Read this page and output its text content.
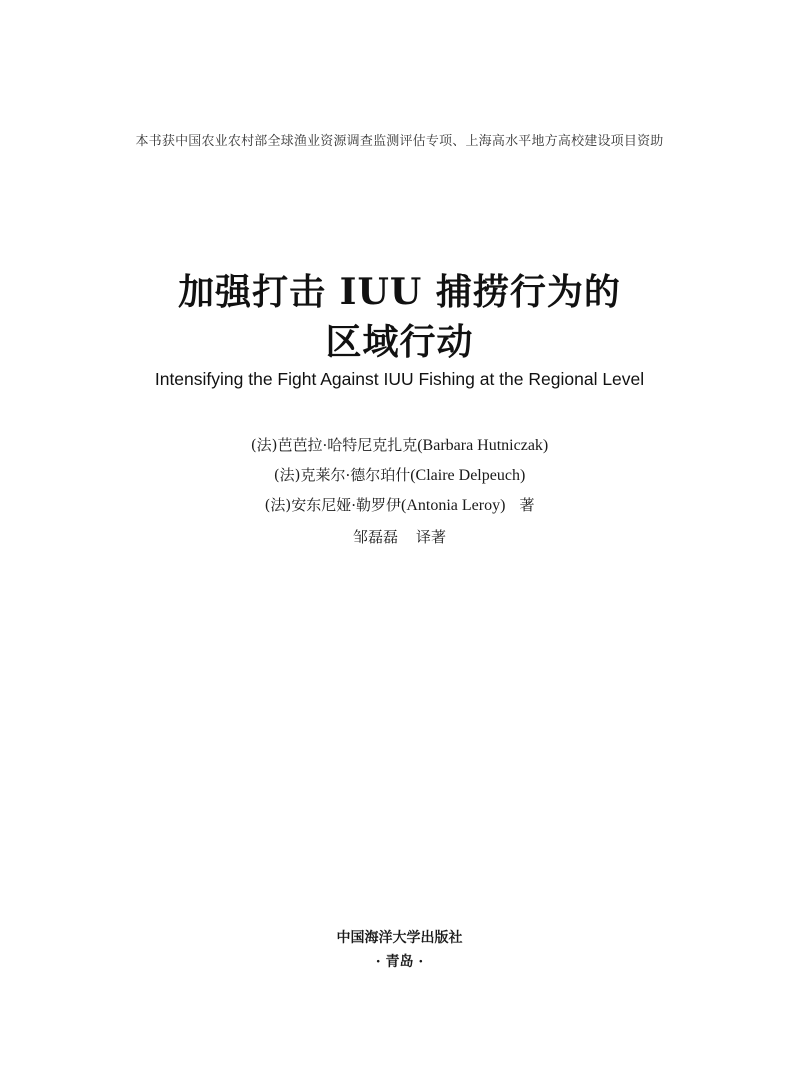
本书获中国农业农村部全球渔业资源调查监测评估专项、上海高水平地方高校建设项目资助
加强打击 IUU 捕捞行为的
区域行动
Intensifying the Fight Against IUU Fishing at the Regional Level
(法)芭芭拉·哈特尼克扎克(Barbara Hutniczak)
(法)克莱尔·德尔珀什(Claire Delpeuch)
(法)安东尼娅·勒罗伊(Antonia Leroy) 著
邹磊磊 译著
中国海洋大学出版社
· 青岛 ·
